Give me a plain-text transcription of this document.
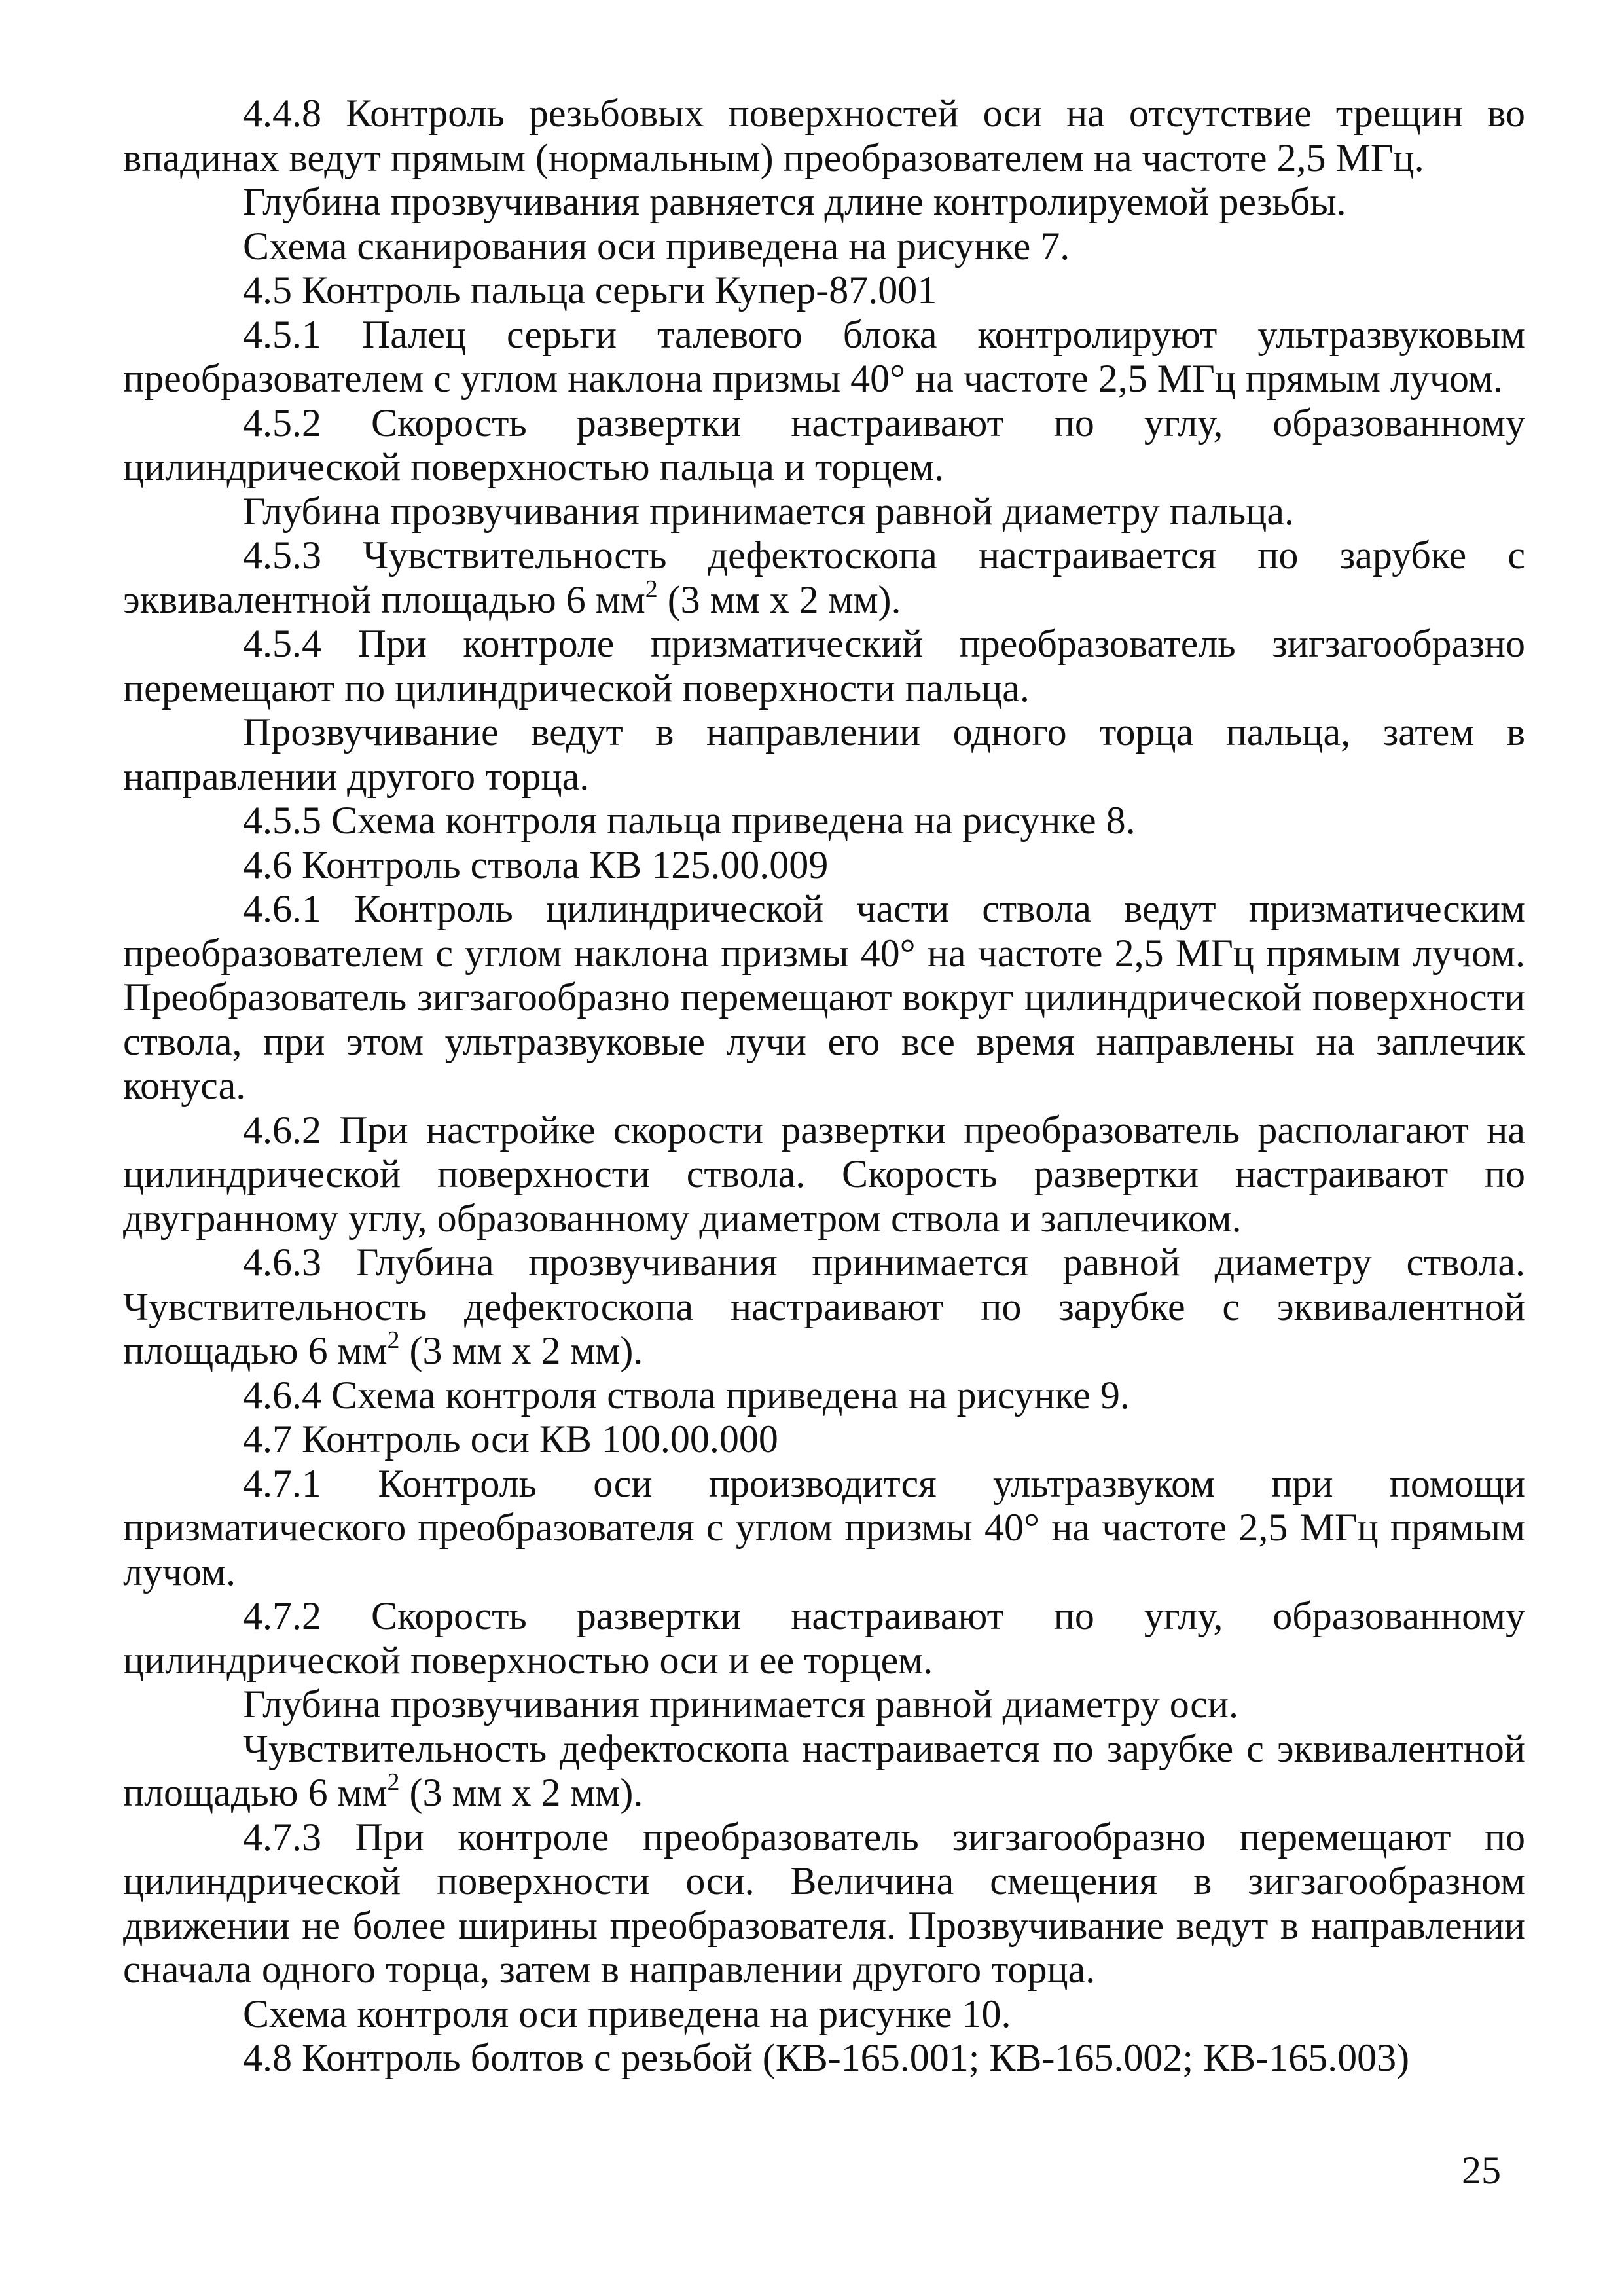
4.4.8 Контроль резьбовых поверхностей оси на отсутствие трещин во впадинах ведут прямым (нормальным) преобразователем на частоте 2,5 МГц.

Глубина прозвучивания равняется длине контролируемой резьбы.

Схема сканирования оси приведена на рисунке 7.

4.5 Контроль пальца серьги Купер-87.001

4.5.1 Палец серьги талевого блока контролируют ультразвуковым преобразователем с углом наклона призмы 40° на частоте 2,5 МГц прямым лучом.

4.5.2 Скорость развертки настраивают по углу, образованному цилиндрической поверхностью пальца и торцем.

Глубина прозвучивания принимается равной диаметру пальца.

4.5.3 Чувствительность дефектоскопа настраивается по зарубке с эквивалентной площадью 6 $мм^2$ (3 мм х 2 мм).

4.5.4 При контроле призматический преобразователь зигзагообразно перемещают по цилиндрической поверхности пальца.

Прозвучивание ведут в направлении одного торца пальца, затем в направлении другого торца.

4.5.5 Схема контроля пальца приведена на рисунке 8.

4.6 Контроль ствола КВ 125.00.009

4.6.1 Контроль цилиндрической части ствола ведут призматическим преобразователем с углом наклона призмы 40° на частоте 2,5 МГц прямым лучом. Преобразователь зигзагообразно перемещают вокруг цилиндрической поверхности ствола, при этом ультразвуковые лучи его все время направлены на заплечик конуса.

4.6.2 При настройке скорости развертки преобразователь располагают на цилиндрической поверхности ствола. Скорость развертки настраивают по двугранному углу, образованному диаметром ствола и заплечиком.

4.6.3 Глубина прозвучивания принимается равной диаметру ствола. Чувствительность дефектоскопа настраивают по зарубке с эквивалентной площадью 6 $мм^2$ (3 мм х 2 мм).

4.6.4 Схема контроля ствола приведена на рисунке 9.

4.7 Контроль оси КВ 100.00.000

4.7.1 Контроль оси производится ультразвуком при помощи призматического преобразователя с углом призмы 40° на частоте 2,5 МГц прямым лучом.

4.7.2 Скорость развертки настраивают по углу, образованному цилиндрической поверхностью оси и ее торцем.

Глубина прозвучивания принимается равной диаметру оси.

Чувствительность дефектоскопа настраивается по зарубке с эквивалентной площадью 6 $мм^2$ (3 мм х 2 мм).

4.7.3 При контроле преобразователь зигзагообразно перемещают по цилиндрической поверхности оси. Величина смещения в зигзагообразном движении не более ширины преобразователя. Прозвучивание ведут в направлении сначала одного торца, затем в направлении другого торца.

Схема контроля оси приведена на рисунке 10.

4.8 Контроль болтов с резьбой (КВ-165.001; КВ-165.002; КВ-165.003)

25
